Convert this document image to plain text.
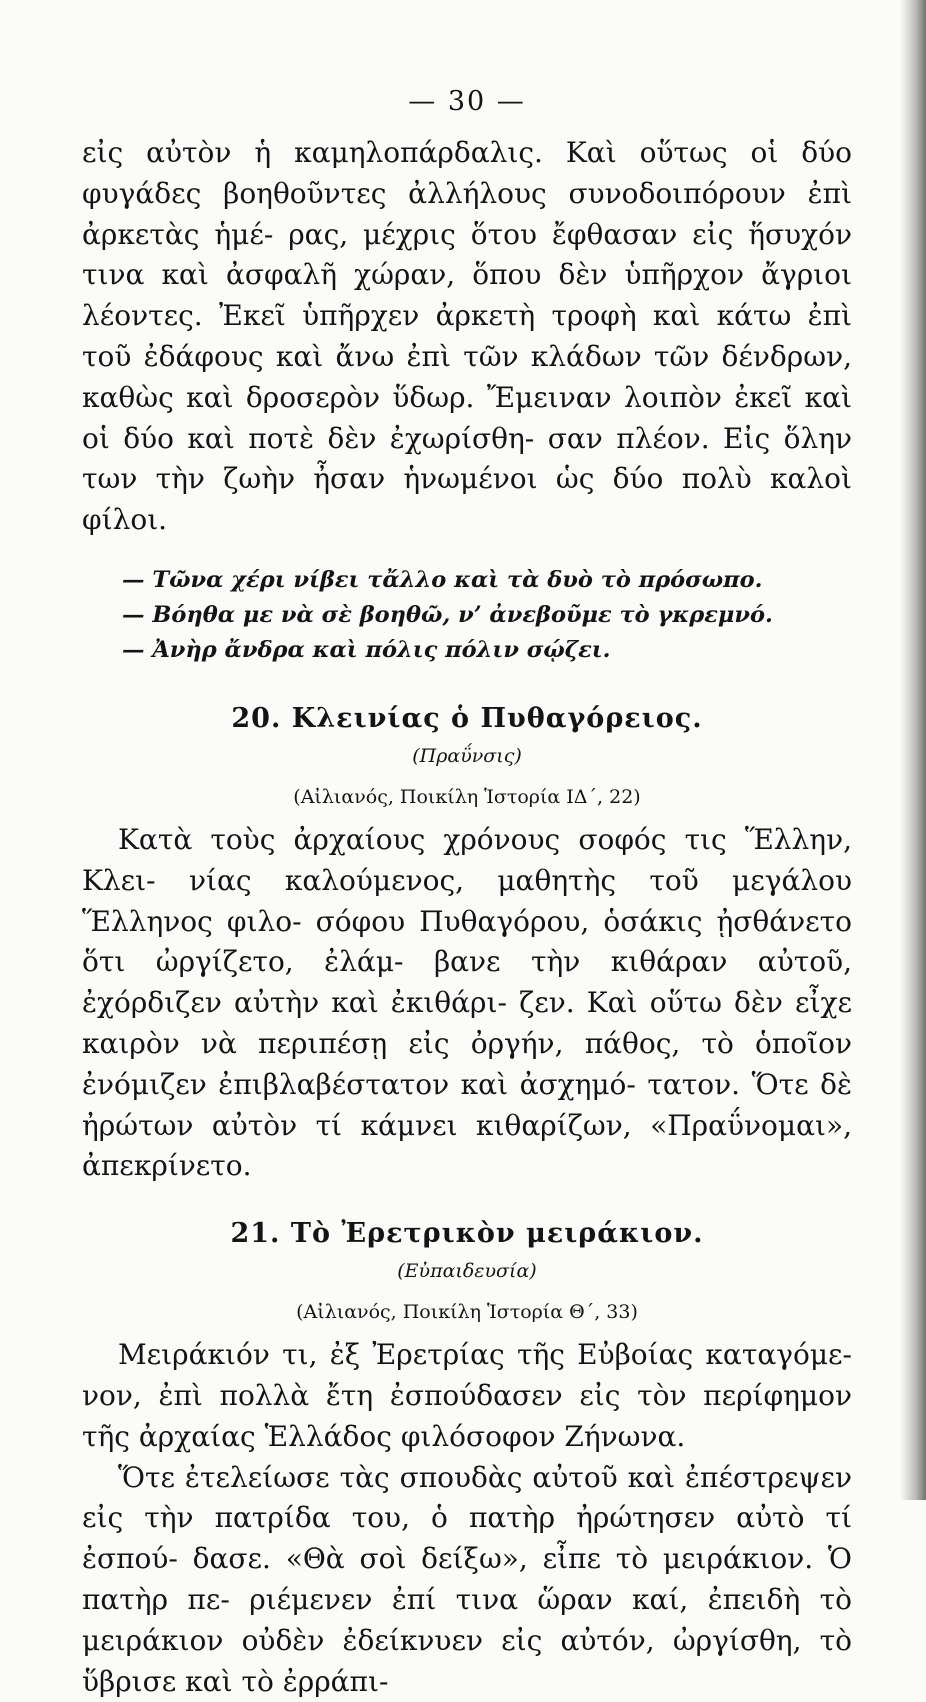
— 30 —

εἰς αὐτὸν ἡ καμηλοπάρδαλις. Καὶ οὕτως οἱ δύο φυγάδες βοηθοῦντες ἀλλήλους συνοδοιπόρουν ἐπὶ ἀρκετὰς ἡμέ- ρας, μέχρις ὅτου ἔφθασαν εἰς ἥσυχόν τινα καὶ ἀσφαλῆ χώραν, ὅπου δὲν ὑπῆρχον ἄγριοι λέοντες. Ἐκεῖ ὑπῆρχεν ἀρκετὴ τροφὴ καὶ κάτω ἐπὶ τοῦ ἐδάφους καὶ ἄνω ἐπὶ τῶν κλάδων τῶν δένδρων, καθὼς καὶ δροσερὸν ὕδωρ. Ἔμειναν λοιπὸν ἐκεῖ καὶ οἱ δύο καὶ ποτὲ δὲν ἐχωρίσθη- σαν πλέον. Εἰς ὅλην των τὴν ζωὴν ἦσαν ἡνωμένοι ὡς δύο πολὺ καλοὶ φίλοι.

— Τῶνα χέρι νίβει τἄλλο καὶ τὰ δυὸ τὸ πρόσωπο.
— Βόηθα με νὰ σὲ βοηθῶ, ν’ ἀνεβοῦμε τὸ γκρεμνό.
— Ἀνὴρ ἄνδρα καὶ πόλις πόλιν σῴζει.
20. Κλεινίας ὁ Πυθαγόρειος.
(Πραΰνσις)
(Αἰλιανός, Ποικίλη Ἱστορία ΙΔ΄, 22)

Κατὰ τοὺς ἀρχαίους χρόνους σοφός τις Ἕλλην, Κλει- νίας καλούμενος, μαθητὴς τοῦ μεγάλου Ἕλληνος φιλο- σόφου Πυθαγόρου, ὁσάκις ᾐσθάνετο ὅτι ὠργίζετο, ἐλάμ- βανε τὴν κιθάραν αὐτοῦ, ἐχόρδιζεν αὐτὴν καὶ ἐκιθάρι- ζεν. Καὶ οὕτω δὲν εἶχε καιρὸν νὰ περιπέσῃ εἰς ὀργήν, πάθος, τὸ ὁποῖον ἐνόμιζεν ἐπιβλαβέστατον καὶ ἀσχημό- τατον. Ὅτε δὲ ἠρώτων αὐτὸν τί κάμνει κιθαρίζων, «Πραΰνομαι», ἀπεκρίνετο.

21. Τὸ Ἐρετρικὸν μειράκιον.
(Εὐπαιδευσία)
(Αἰλιανός, Ποικίλη Ἱστορία Θ΄, 33)

Μειράκιόν τι, ἐξ Ἐρετρίας τῆς Εὐβοίας καταγόμε- νον, ἐπὶ πολλὰ ἔτη ἐσπούδασεν εἰς τὸν περίφημον τῆς ἀρχαίας Ἑλλάδος φιλόσοφον Ζήνωνα.

Ὅτε ἐτελείωσε τὰς σπουδὰς αὐτοῦ καὶ ἐπέστρεψεν εἰς τὴν πατρίδα του, ὁ πατὴρ ἠρώτησεν αὐτὸ τί ἐσπού- δασε. «Θὰ σοὶ δείξω», εἶπε τὸ μειράκιον. Ὁ πατὴρ πε- ριέμενεν ἐπί τινα ὥραν καί, ἐπειδὴ τὸ μειράκιον οὐδὲν ἐδείκνυεν εἰς αὐτόν, ὠργίσθη, τὸ ὕβρισε καὶ τὸ ἐρράπι-
